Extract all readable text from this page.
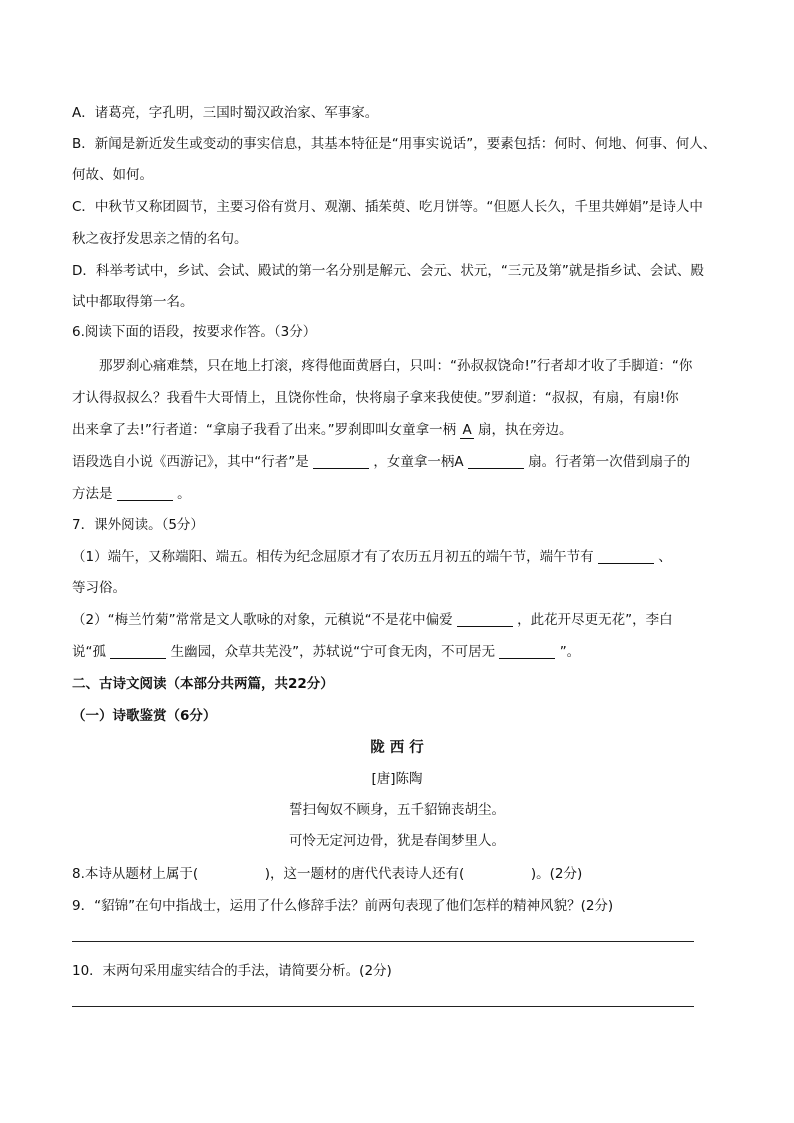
A．诸葛亮，字孔明，三国时蜀汉政治家、军事家。
B．新闻是新近发生或变动的事实信息，其基本特征是“用事实说话”，要素包括：何时、何地、何事、何人、
何故、如何。
C．中秋节又称团圆节，主要习俗有赏月、观潮、插茱萸、吃月饼等。“但愿人长久，千里共婵娟”是诗人中
秋之夜抒发思亲之情的名句。
D．科举考试中，乡试、会试、殿试的第一名分别是解元、会元、状元，“三元及第”就是指乡试、会试、殿
试中都取得第一名。
6.阅读下面的语段，按要求作答。（3分）
那罗刹心痛难禁，只在地上打滚，疼得他面黄唇白，只叫：“孙叔叔饶命!”行者却才收了手脚道：“你
才认得叔叔么？我看牛大哥情上，且饶你性命，快将扇子拿来我使使。”罗刹道：“叔叔，有扇，有扇!你
出来拿了去!”行者道：“拿扇子我看了出来。”罗刹即叫女童拿一柄 A 扇，执在旁边。
语段选自小说《西游记》，其中“行者”是	，女童拿一柄A	扇。行者第一次借到扇子的
方法是	。
7．课外阅读。（5分）
（1）端午，又称端阳、端五。相传为纪念屈原才有了农历五月初五的端午节，端午节有	、
等习俗。
（2）“梅兰竹菊”常常是文人歌咏的对象，元稹说“不是花中偏爱	，此花开尽更无花”，李白
说“孤	生幽园，众草共芜没”，苏轼说“宁可食无肉，不可居无	”。
二、古诗文阅读（本部分共两篇，共22分）
（一）诗歌鉴赏（6分）
陇 西 行
[唐]陈陶
誓扫匈奴不顾身，五千貂锦丧胡尘。
可怜无定河边骨，犹是春闺梦里人。
8.本诗从题材上属于(	)，这一题材的唐代代表诗人还有(	)。(2分)
9．“貂锦”在句中指战士，运用了什么修辞手法？前两句表现了他们怎样的精神风貌？(2分)
10．末两句采用虚实结合的手法，请简要分析。(2分)
